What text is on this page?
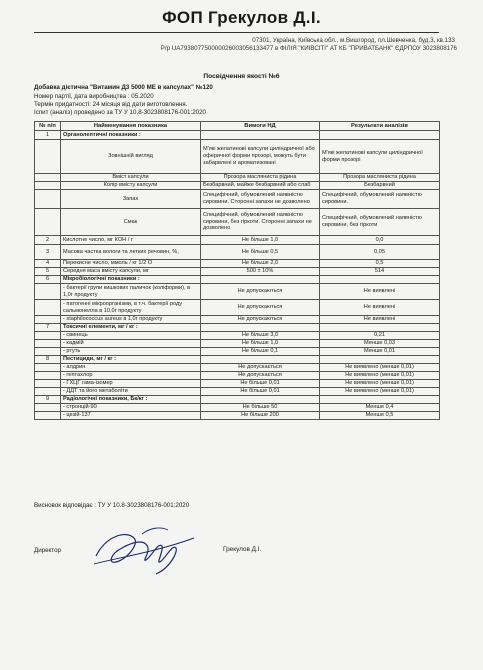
ФОП Грекулов Д.І.
07301, Україна, Київська обл., м.Вишгород, пл.Шевченка, буд.3, кв.133
Р/р UA793807750000026003056133477 в ФІЛІЯ "КИЇВСІТІ" АТ КБ "ПРИВАТБАНК" ЄДРПОУ 3023808176
Посвідчення якості №6
Добавка дієтична "Витамин Д3 5000 МЕ в капсулах" №120
Номер партії, дата виробництва : 05.2020
Термін придатності: 24 місяця від дати виготовлення.
Іспит (аналіз) проведено за ТУ У 10.8-3023808176-001:2020
№ п/п	Найменування показника	Вимоги НД	Результати аналізів
1	Органолептичні показники :		
	Зовнішній вигляд	М'які желатинові капсули циліндричної або оферичної форми прозорі, можуть бути забарвлені и ароматизовані	М'які желатинові капсули циліндричної форми прозорі
	Вміст капсули	Прозора масляниста рідина	Прозора масляниста рідина
	Колір вмісту капсули	Безбарвний, майже безбарвний або слаб	Безбарвний
	Запах	Специфічний, обумовлений наявністю сировини. Сторонні запахи не дозволено	Специфічний, обумовлений наявністю сировини.
	Смак	Специфічний, обумовлений наявністю сировини, без гіркоти. Сторонні запахи не дозволено	Специфічний, обумовлений наявністю сировини, без гіркоти
2	Кислотне число, мг КОН / г	Не більше 1,0	0,0
3	Масова частка вологи та летких речовин, %,	Не більше 0,5	0,05
4	Перекисне число, ммоль / кг 1/2 О	Не більше 2,0	0,5
5	Середня маса вмісту капсули, мг	500 ± 10%	514
6	Мікробіологічні показники :		
	- бактерії групи кишкових паличок (коліформи), в 1,0г продукту	Не допускаються	Не виявлені
	- патогенні мікроорганізми, в т.ч. бактерії роду сальмонелла в 10,0г продукту	Не допускаються	Не виявлені
	- staphilococcus aureus в 1,0г продукту	Не допускаються	Не виявлені
7	Токсичні елементи, мг / кг :		
	- свинець	Не більше 3,0	0,21
	- кадмій	Не більше 1,0	Менше 0,03
	- ртуть	Не більше 0,1	Менше 0,01
8	Пестициди, мг / кг :		
	- алдрин	Не допускається	Не виявлено (менше 0,01)
	- гептахлор	Не допускається	Не виявлено (менше 0,01)
	- ГХЦГ гама-ізомер	Не більше 0,01	Не виявлено (менше 0,01)
	- ДДТ та його метаболіти	Не більше 0,01	Не виявлено (менше 0,01)
9	Радіологічні показники, Бк/кг :		
	- стронцій-90	Не більше 50	Менше 0,4
	- цезій-137	Не більше 200	Менше 0,5
Висновок відповідає : ТУ У 10.8-3023808176-001:2020
Директор	Грекулов Д.І.
